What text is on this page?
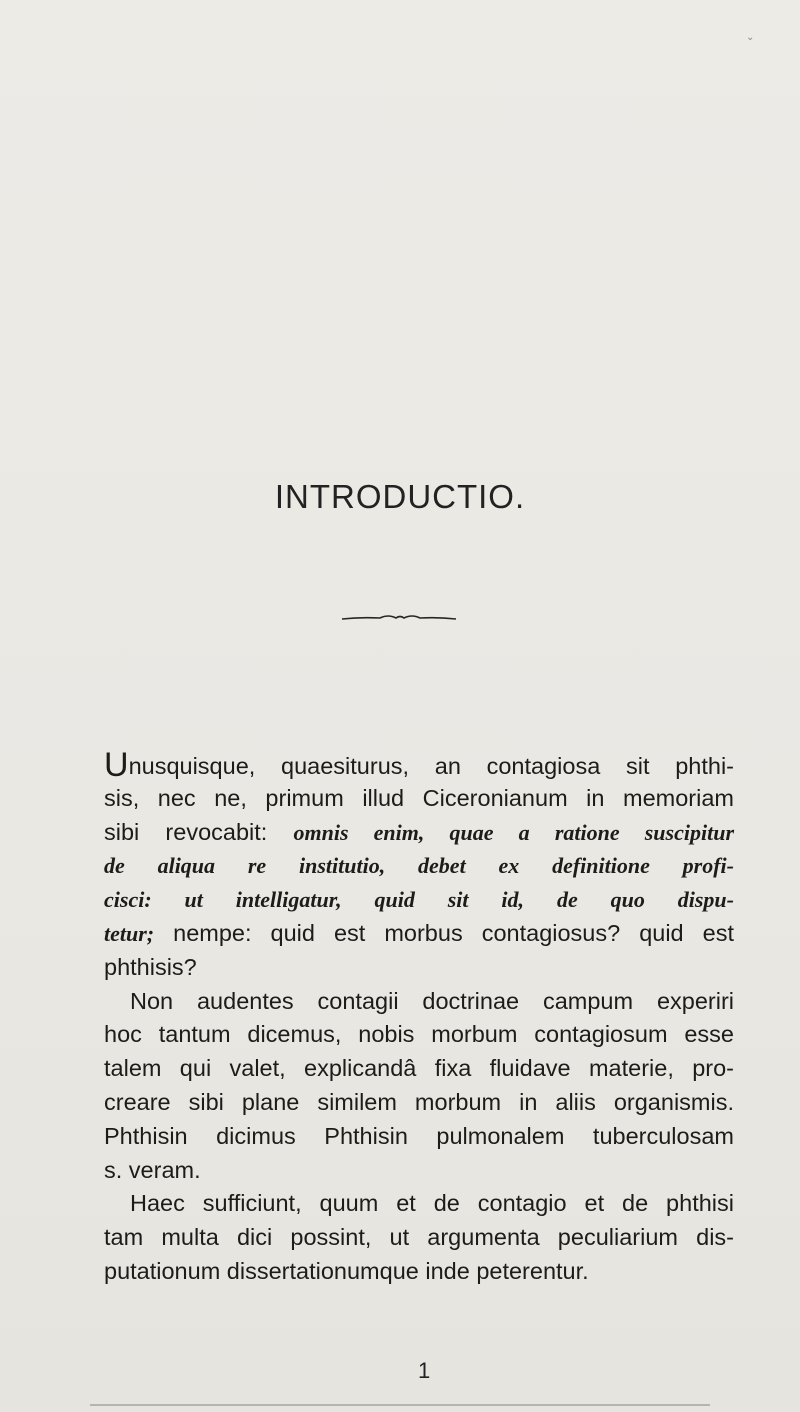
⌄
INTRODUCTIO.
Unusquisque, quaesiturus, an contagiosa sit phthi-
sis, nec ne, primum illud Ciceronianum in memoriam
sibi revocabit: omnis enim, quae a ratione suscipitur
de aliqua re institutio, debet ex definitione profi-
cisci: ut intelligatur, quid sit id, de quo dispu-
tetur; nempe: quid est morbus contagiosus? quid est
phthisis?
Non audentes contagii doctrinae campum experiri
hoc tantum dicemus, nobis morbum contagiosum esse
talem qui valet, explicandâ fixa fluidave materie, pro-
creare sibi plane similem morbum in aliis organismis.
Phthisin dicimus Phthisin pulmonalem tuberculosam
s. veram.
Haec sufficiunt, quum et de contagio et de phthisi
tam multa dici possint, ut argumenta peculiarium dis-
putationum dissertationumque inde peterentur.
1
